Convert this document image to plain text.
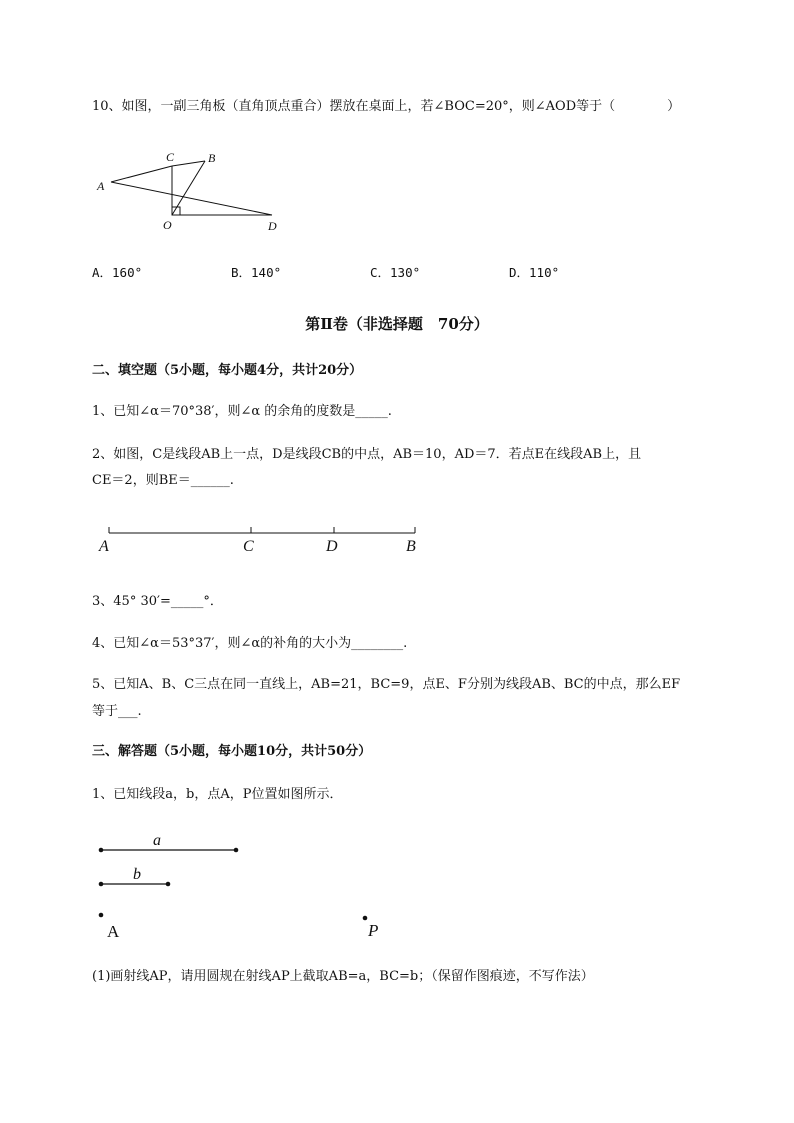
10、如图，一副三角板（直角顶点重合）摆放在桌面上，若∠BOC=20°，则∠AOD等于（　　　　）
A
C	B
O	D
A．160°	B．140°	C．130°	D．110°
第Ⅱ卷（非选择题　70分）
二、填空题（5小题，每小题4分，共计20分）
1、已知∠α＝70°38′，则∠α 的余角的度数是_____.
2、如图，C是线段AB上一点，D是线段CB的中点，AB＝10，AD＝7．若点E在线段AB上，且
CE＝2，则BE＝______.
A	C	D	B
3、45° 30′=_____°．
4、已知∠α＝53°37′，则∠α的补角的大小为________.
5、已知A、B、C三点在同一直线上，AB=21，BC=9，点E、F分别为线段AB、BC的中点，那么EF
等于___.
三、解答题（5小题，每小题10分，共计50分）
1、已知线段a，b，点A，P位置如图所示．
a
b
A	P
(1)画射线AP，请用圆规在射线AP上截取AB=a，BC=b；（保留作图痕迹，不写作法）
